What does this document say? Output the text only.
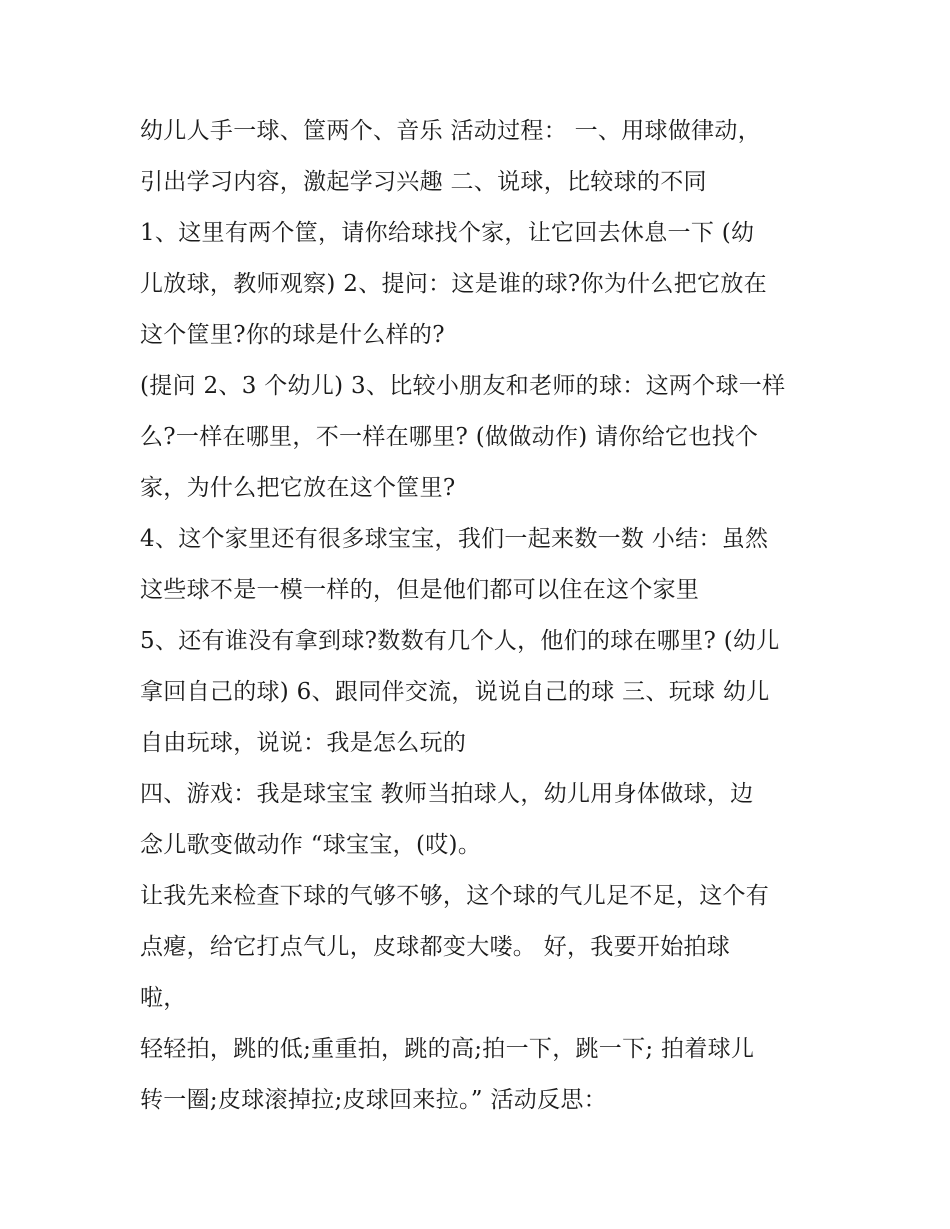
幼儿人手一球、筐两个、音乐 活动过程： 一、用球做律动，
引出学习内容，激起学习兴趣 二、说球，比较球的不同
1、这里有两个筐，请你给球找个家，让它回去休息一下 (幼
儿放球，教师观察) 2、提问：这是谁的球?你为什么把它放在
这个筐里?你的球是什么样的?
(提问 2、3 个幼儿) 3、比较小朋友和老师的球：这两个球一样
么?一样在哪里，不一样在哪里? (做做动作) 请你给它也找个
家，为什么把它放在这个筐里?
4、这个家里还有很多球宝宝，我们一起来数一数 小结：虽然
这些球不是一模一样的，但是他们都可以住在这个家里
5、还有谁没有拿到球?数数有几个人，他们的球在哪里? (幼儿
拿回自己的球) 6、跟同伴交流，说说自己的球 三、玩球 幼儿
自由玩球，说说：我是怎么玩的
四、游戏：我是球宝宝 教师当拍球人，幼儿用身体做球，边
念儿歌变做动作 “球宝宝，(哎)。
让我先来检查下球的气够不够，这个球的气儿足不足，这个有
点瘪，给它打点气儿，皮球都变大喽。 好，我要开始拍球
啦，
轻轻拍，跳的低;重重拍，跳的高;拍一下，跳一下; 拍着球儿
转一圈;皮球滚掉拉;皮球回来拉。” 活动反思：
